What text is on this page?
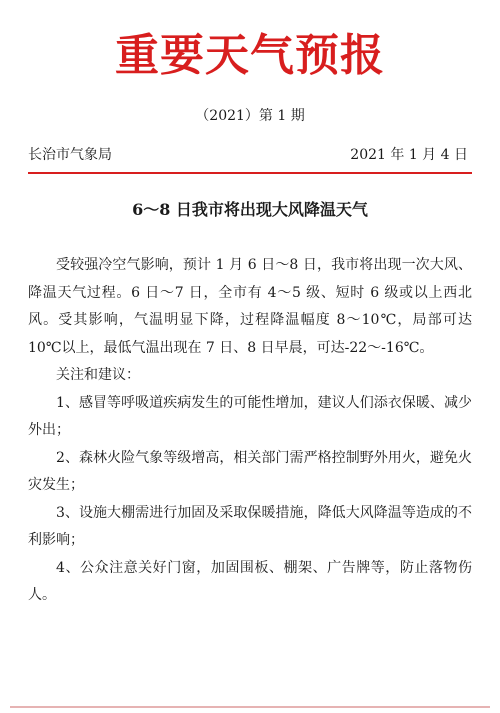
重要天气预报
（2021）第 1 期
长治市气象局	2021 年 1 月 4 日
6～8 日我市将出现大风降温天气

受较强冷空气影响，预计 1 月 6 日～8 日，我市将出现一次大风、降温天气过程。6 日～7 日，全市有 4～5 级、短时 6 级或以上西北风。受其影响，气温明显下降，过程降温幅度 8～10℃，局部可达 10℃以上，最低气温出现在 7 日、8 日早晨，可达-22～-16℃。

关注和建议：

1、感冒等呼吸道疾病发生的可能性增加，建议人们添衣保暖、减少外出；

2、森林火险气象等级增高，相关部门需严格控制野外用火，避免火灾发生；

3、设施大棚需进行加固及采取保暖措施，降低大风降温等造成的不利影响；

4、公众注意关好门窗，加固围板、棚架、广告牌等，防止落物伤人。
